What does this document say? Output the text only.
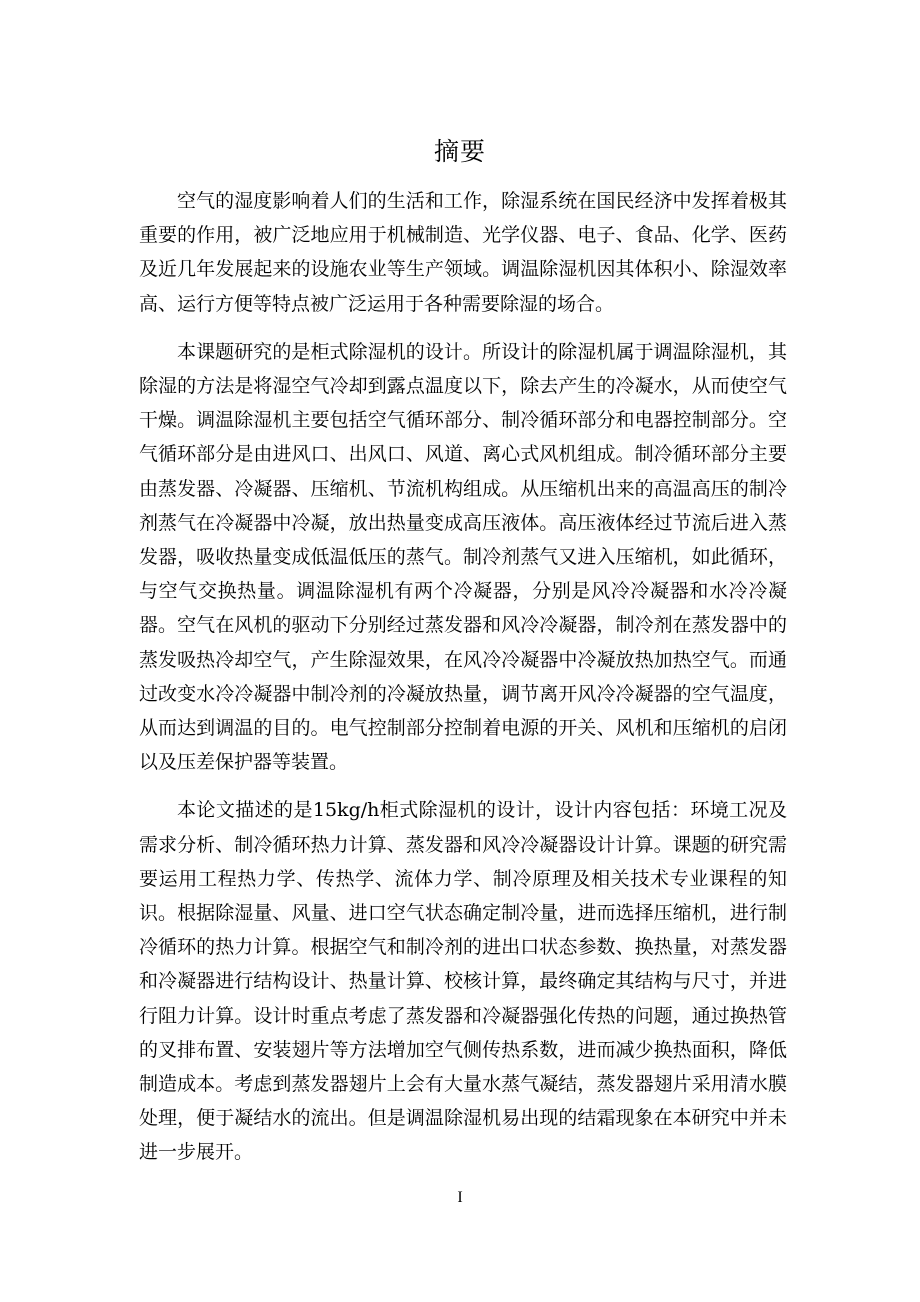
摘要

空气的湿度影响着人们的生活和工作，除湿系统在国民经济中发挥着极其重要的作用，被广泛地应用于机械制造、光学仪器、电子、食品、化学、医药及近几年发展起来的设施农业等生产领域。调温除湿机因其体积小、除湿效率高、运行方便等特点被广泛运用于各种需要除湿的场合。

本课题研究的是柜式除湿机的设计。所设计的除湿机属于调温除湿机，其除湿的方法是将湿空气冷却到露点温度以下，除去产生的冷凝水，从而使空气干燥。调温除湿机主要包括空气循环部分、制冷循环部分和电器控制部分。空气循环部分是由进风口、出风口、风道、离心式风机组成。制冷循环部分主要由蒸发器、冷凝器、压缩机、节流机构组成。从压缩机出来的高温高压的制冷剂蒸气在冷凝器中冷凝，放出热量变成高压液体。高压液体经过节流后进入蒸发器，吸收热量变成低温低压的蒸气。制冷剂蒸气又进入压缩机，如此循环，与空气交换热量。调温除湿机有两个冷凝器，分别是风冷冷凝器和水冷冷凝器。空气在风机的驱动下分别经过蒸发器和风冷冷凝器，制冷剂在蒸发器中的蒸发吸热冷却空气，产生除湿效果，在风冷冷凝器中冷凝放热加热空气。而通过改变水冷冷凝器中制冷剂的冷凝放热量，调节离开风冷冷凝器的空气温度，从而达到调温的目的。电气控制部分控制着电源的开关、风机和压缩机的启闭以及压差保护器等装置。

本论文描述的是15kg/h柜式除湿机的设计，设计内容包括：环境工况及需求分析、制冷循环热力计算、蒸发器和风冷冷凝器设计计算。课题的研究需要运用工程热力学、传热学、流体力学、制冷原理及相关技术专业课程的知识。根据除湿量、风量、进口空气状态确定制冷量，进而选择压缩机，进行制冷循环的热力计算。根据空气和制冷剂的进出口状态参数、换热量，对蒸发器和冷凝器进行结构设计、热量计算、校核计算，最终确定其结构与尺寸，并进行阻力计算。设计时重点考虑了蒸发器和冷凝器强化传热的问题，通过换热管的叉排布置、安装翅片等方法增加空气侧传热系数，进而减少换热面积，降低制造成本。考虑到蒸发器翅片上会有大量水蒸气凝结，蒸发器翅片采用清水膜处理，便于凝结水的流出。但是调温除湿机易出现的结霜现象在本研究中并未进一步展开。

I
